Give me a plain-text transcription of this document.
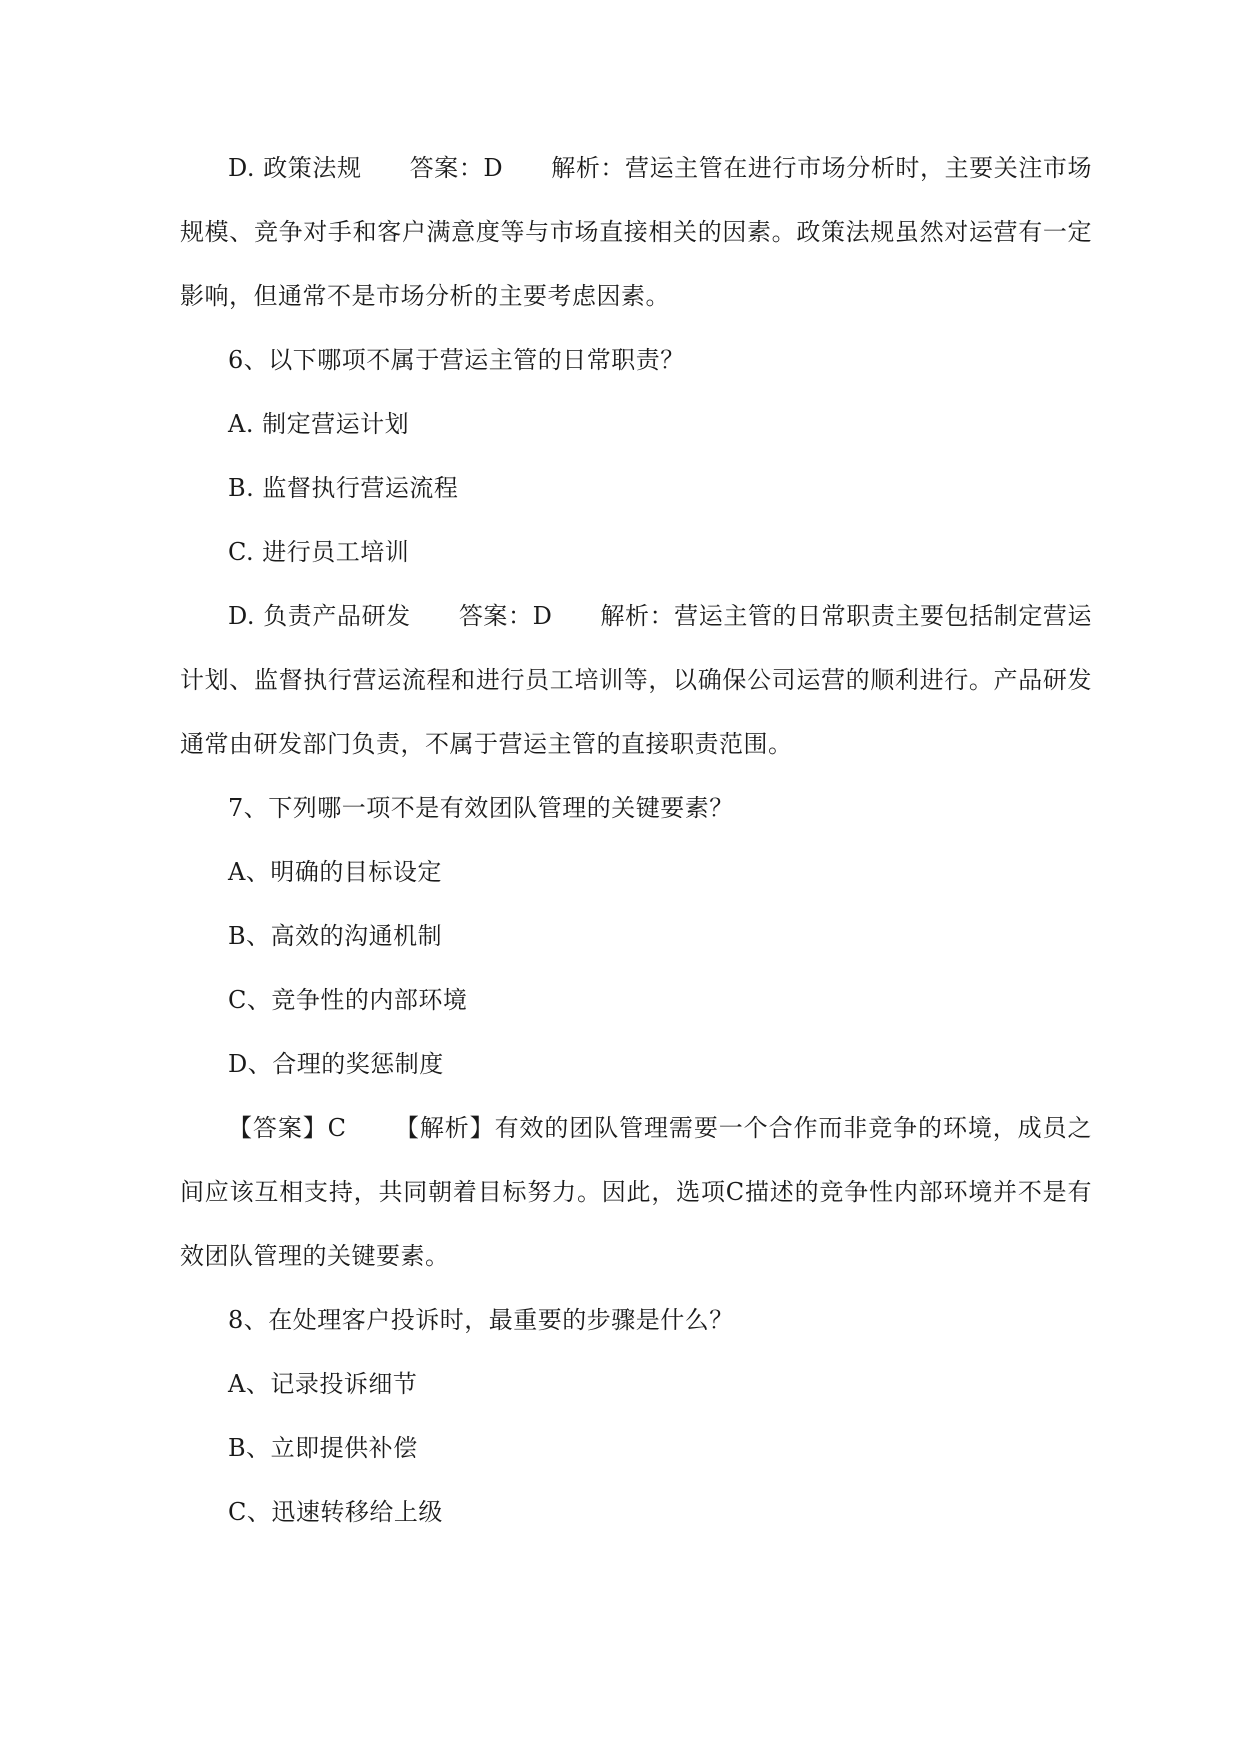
D. 政策法规 答案：D 解析：营运主管在进行市场分析时，主要关注市场规模、竞争对手和客户满意度等与市场直接相关的因素。政策法规虽然对运营有一定影响，但通常不是市场分析的主要考虑因素。

6、以下哪项不属于营运主管的日常职责？

A. 制定营运计划

B. 监督执行营运流程

C. 进行员工培训

D. 负责产品研发 答案：D 解析：营运主管的日常职责主要包括制定营运计划、监督执行营运流程和进行员工培训等，以确保公司运营的顺利进行。产品研发通常由研发部门负责，不属于营运主管的直接职责范围。

7、下列哪一项不是有效团队管理的关键要素？

A、明确的目标设定

B、高效的沟通机制

C、竞争性的内部环境

D、合理的奖惩制度

【答案】C 【解析】有效的团队管理需要一个合作而非竞争的环境，成员之间应该互相支持，共同朝着目标努力。因此，选项C描述的竞争性内部环境并不是有效团队管理的关键要素。

8、在处理客户投诉时，最重要的步骤是什么？

A、记录投诉细节

B、立即提供补偿

C、迅速转移给上级
